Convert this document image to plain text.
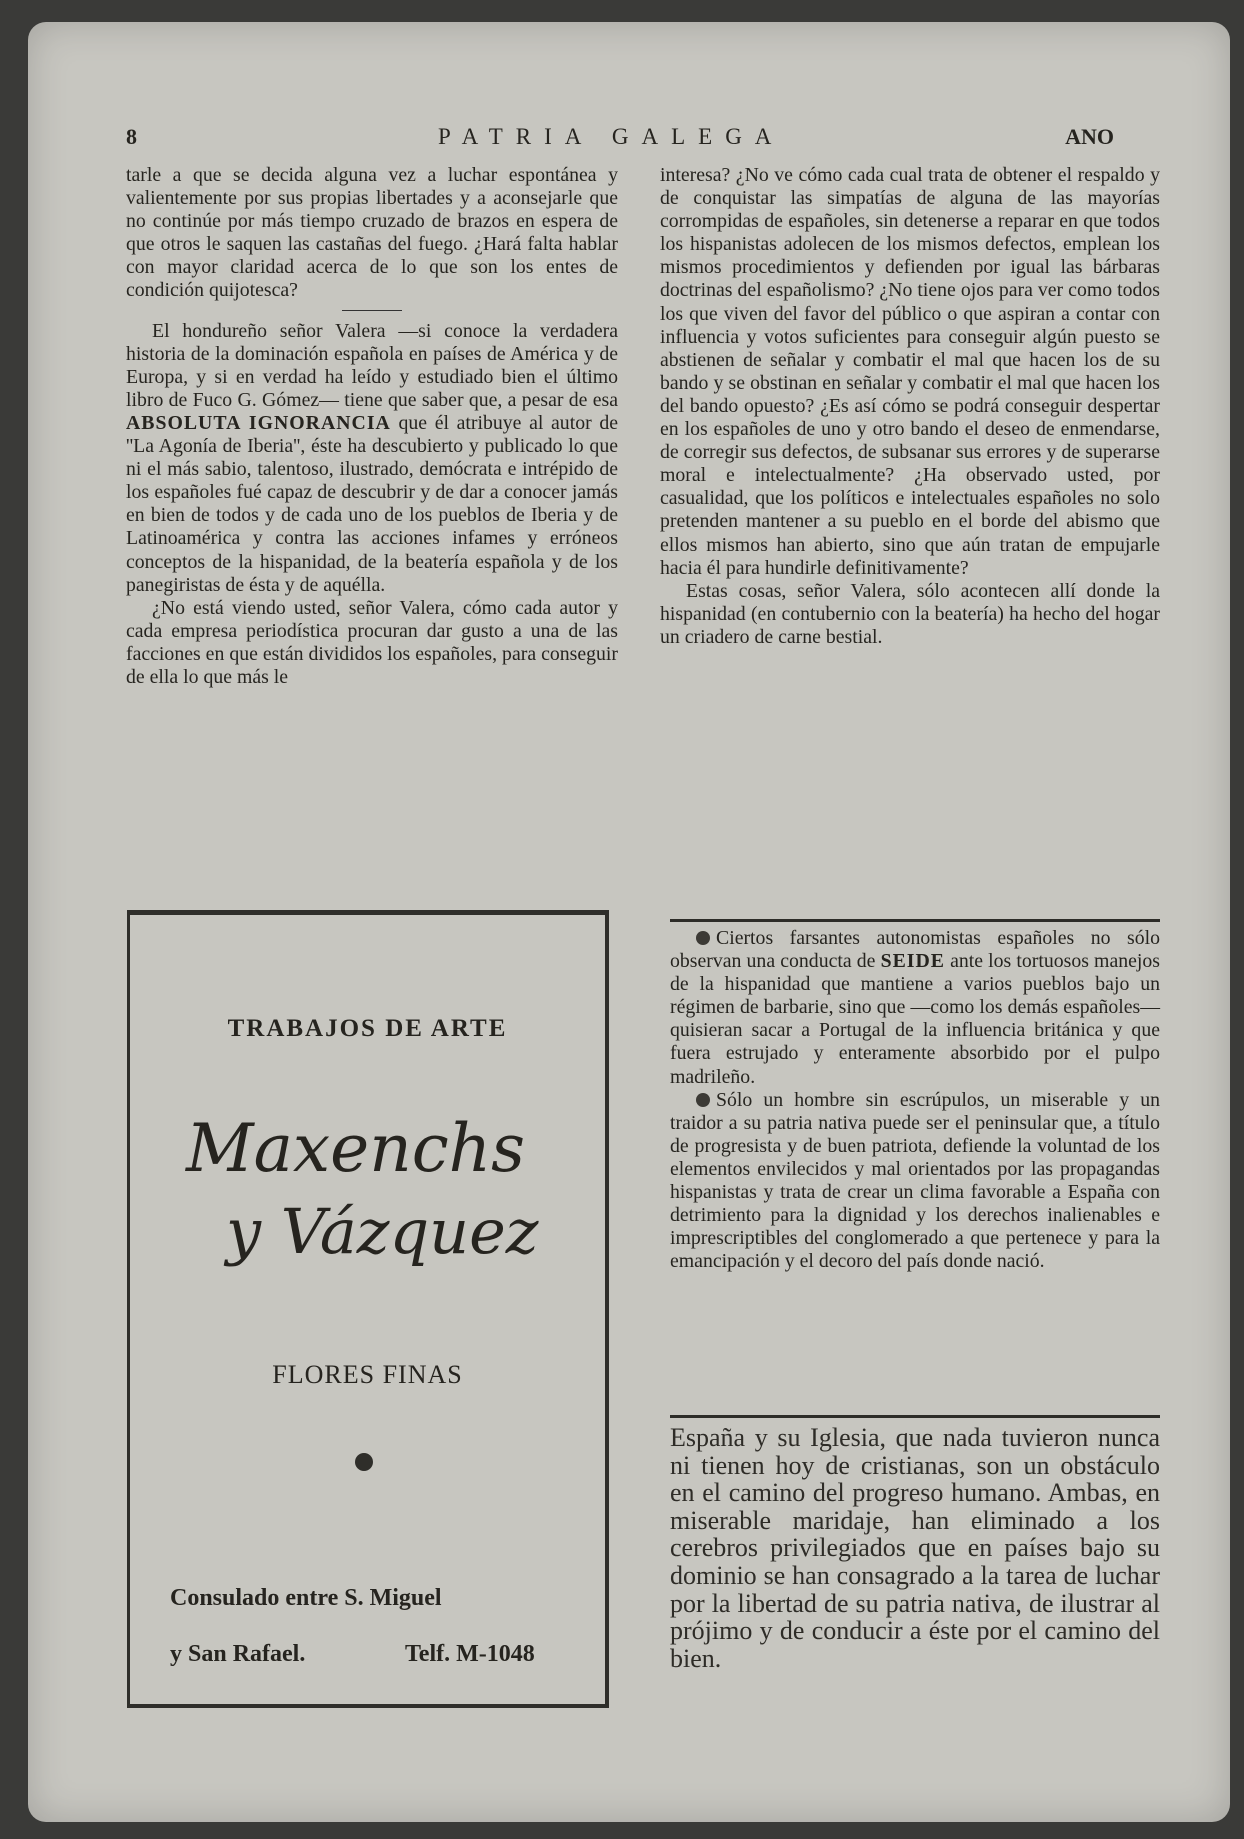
8	PATRIA GALEGA	ANO

tarle a que se decida alguna vez a luchar espontánea y valientemente por sus propias libertades y a aconsejarle que no continúe por más tiempo cruzado de brazos en espera de que otros le saquen las castañas del fuego. ¿Hará falta hablar con mayor claridad acerca de lo que son los entes de condición quijotesca?

El hondureño señor Valera —si conoce la verdadera historia de la dominación española en países de América y de Europa, y si en verdad ha leído y estudiado bien el último libro de Fuco G. Gómez— tiene que saber que, a pesar de esa ABSOLUTA IGNORANCIA que él atribuye al autor de ''La Agonía de Iberia'', éste ha descubierto y publicado lo que ni el más sabio, talentoso, ilustrado, demócrata e intrépido de los españoles fué capaz de descubrir y de dar a conocer jamás en bien de todos y de cada uno de los pueblos de Iberia y de Latinoamérica y contra las acciones infames y erróneos conceptos de la hispanidad, de la beatería española y de los panegiristas de ésta y de aquélla.

¿No está viendo usted, señor Valera, cómo cada autor y cada empresa periodística procuran dar gusto a una de las facciones en que están divididos los españoles, para conseguir de ella lo que más le

interesa? ¿No ve cómo cada cual trata de obtener el respaldo y de conquistar las simpatías de alguna de las mayorías corrompidas de españoles, sin detenerse a reparar en que todos los hispanistas adolecen de los mismos defectos, emplean los mismos procedimientos y defienden por igual las bárbaras doctrinas del españolismo? ¿No tiene ojos para ver como todos los que viven del favor del público o que aspiran a contar con influencia y votos suficientes para conseguir algún puesto se abstienen de señalar y combatir el mal que hacen los de su bando y se obstinan en señalar y combatir el mal que hacen los del bando opuesto? ¿Es así cómo se podrá conseguir despertar en los españoles de uno y otro bando el deseo de enmendarse, de corregir sus defectos, de subsanar sus errores y de superarse moral e intelectualmente? ¿Ha observado usted, por casualidad, que los políticos e intelectuales españoles no solo pretenden mantener a su pueblo en el borde del abismo que ellos mismos han abierto, sino que aún tratan de empujarle hacia él para hundirle definitivamente?

Estas cosas, señor Valera, sólo acontecen allí donde la hispanidad (en contubernio con la beatería) ha hecho del hogar un criadero de carne bestial.

Ciertos farsantes autonomistas españoles no sólo observan una conducta de SEIDE ante los tortuosos manejos de la hispanidad que mantiene a varios pueblos bajo un régimen de barbarie, sino que —como los demás españoles— quisieran sacar a Portugal de la influencia británica y que fuera estrujado y enteramente absorbido por el pulpo madrileño.

Sólo un hombre sin escrúpulos, un miserable y un traidor a su patria nativa puede ser el peninsular que, a título de progresista y de buen patriota, defiende la voluntad de los elementos envilecidos y mal orientados por las propagandas hispanistas y trata de crear un clima favorable a España con detrimiento para la dignidad y los derechos inalienables e imprescriptibles del conglomerado a que pertenece y para la emancipación y el decoro del país donde nació.

España y su Iglesia, que nada tuvieron nunca ni tienen hoy de cristianas, son un obstáculo en el camino del progreso humano. Ambas, en miserable maridaje, han eliminado a los cerebros privilegiados que en países bajo su dominio se han consagrado a la tarea de luchar por la libertad de su patria nativa, de ilustrar al prójimo y de conducir a éste por el camino del bien.
TRABAJOS DE ARTE
Maxenchs
y Vázquez
FLORES FINAS
Consulado entre S. Miguel
y San Rafael.	Telf. M-1048
